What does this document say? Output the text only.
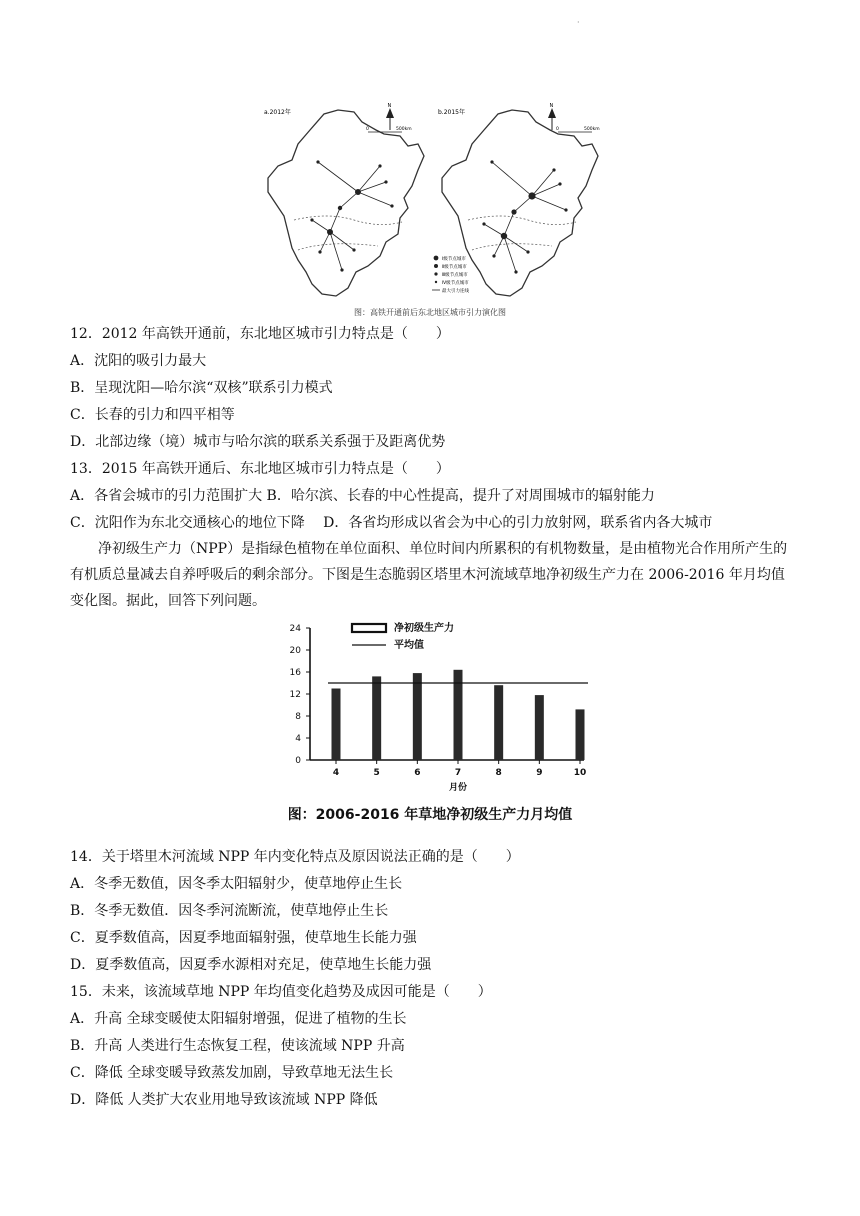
·
a.2012年	b.2015年
N	N
0	500km	0	500km
Ⅰ级节点城市
Ⅱ级节点城市
Ⅲ级节点城市
Ⅳ级节点城市
最大引力连线
图：高铁开通前后东北地区城市引力演化图
12．2012 年高铁开通前，东北地区城市引力特点是（　　）
A．沈阳的吸引力最大
B．呈现沈阳—哈尔滨“双核”联系引力模式
C．长春的引力和四平相等
D．北部边缘（境）城市与哈尔滨的联系关系强于及距离优势
13．2015 年高铁开通后、东北地区城市引力特点是（　　）
A．各省会城市的引力范围扩大 B．哈尔滨、长春的中心性提高，提升了对周围城市的辐射能力
C．沈阳作为东北交通核心的地位下降　 D．各省均形成以省会为中心的引力放射网，联系省内各大城市
净初级生产力（NPP）是指绿色植物在单位面积、单位时间内所累积的有机物数量，是由植物光合作用所产生的有机质总量减去自养呼吸后的剩余部分。下图是生态脆弱区塔里木河流域草地净初级生产力在 2006-2016 年月均值变化图。据此，回答下列问题。
0
4
8
12
16
20
24
4	5	6	7	8	9	10
月份
净初级生产力
平均值
图：2006-2016 年草地净初级生产力月均值
14．关于塔里木河流域 NPP 年内变化特点及原因说法正确的是（　　）
A．冬季无数值，因冬季太阳辐射少，使草地停止生长
B．冬季无数值．因冬季河流断流，使草地停止生长
C．夏季数值高，因夏季地面辐射强，使草地生长能力强
D．夏季数值高，因夏季水源相对充足，使草地生长能力强
15．未来，该流域草地 NPP 年均值变化趋势及成因可能是（　　）
A．升高 全球变暖使太阳辐射增强，促进了植物的生长
B．升高 人类进行生态恢复工程，使该流域 NPP 升高
C．降低 全球变暖导致蒸发加剧，导致草地无法生长
D．降低 人类扩大农业用地导致该流域 NPP 降低
